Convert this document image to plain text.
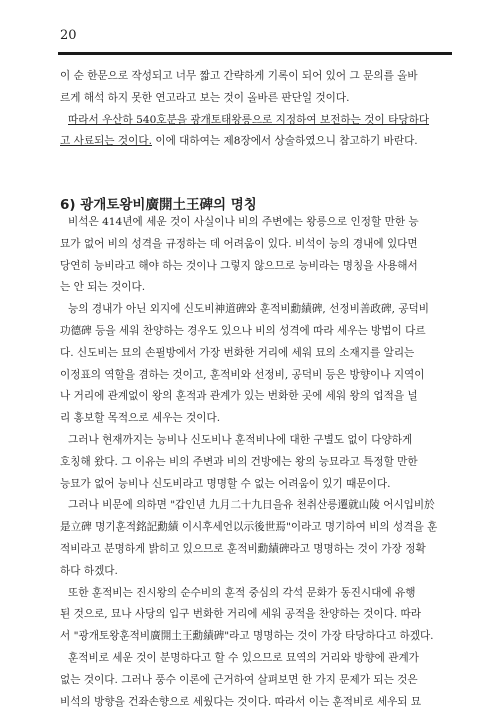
20
이 순 한문으로 작성되고 너무 짧고 간략하게 기록이 되어 있어 그 문의를 올바
르게 해석 하지 못한 연고라고 보는 것이 올바른 판단일 것이다.
따라서 우산하 540호분을 광개토태왕릉으로 지정하여 보전하는 것이 타당하다
고 사료되는 것이다. 이에 대하여는 제8장에서 상술하였으니 참고하기 바란다.
6) 광개토왕비廣開土王碑의 명칭
비석은 414년에 세운 것이 사실이나 비의 주변에는 왕릉으로 인정할 만한 능
묘가 없어 비의 성격을 규정하는 데 어려움이 있다. 비석이 능의 경내에 있다면
당연히 능비라고 해야 하는 것이나 그렇지 않으므로 능비라는 명칭을 사용해서
는 안 되는 것이다.
능의 경내가 아닌 외지에 신도비神道碑와 훈적비勳績碑, 선정비善政碑, 공덕비
功德碑 등을 세워 찬양하는 경우도 있으나 비의 성격에 따라 세우는 방법이 다르
다. 신도비는 묘의 손필방에서 가장 번화한 거리에 세워 묘의 소재지를 알리는
이정표의 역할을 겸하는 것이고, 훈적비와 선정비, 공덕비 등은 방향이나 지역이
나 거리에 관계없이 왕의 훈적과 관계가 있는 번화한 곳에 세워 왕의 업적을 널
리 홍보할 목적으로 세우는 것이다.
그러나 현재까지는 능비나 신도비나 훈적비나에 대한 구별도 없이 다양하게
호칭해 왔다. 그 이유는 비의 주변과 비의 건방에는 왕의 능묘라고 특정할 만한
능묘가 없어 능비나 신도비라고 명명할 수 없는 어려움이 있기 때문이다.
그러나 비문에 의하면 "갑인년 九月二十九日을유 천취산릉遷就山陵 어시입비於
是立碑 명기훈적銘記勳績 이시후세언以示後世焉"이라고 명기하여 비의 성격을 훈
적비라고 분명하게 밝히고 있으므로 훈적비勳績碑라고 명명하는 것이 가장 정확
하다 하겠다.
또한 훈적비는 진시왕의 순수비의 훈적 중심의 각석 문화가 동진시대에 유행
된 것으로, 묘나 사당의 입구 번화한 거리에 세워 공적을 찬양하는 것이다. 따라
서 "광개토왕훈적비廣開土王勳績碑"라고 명명하는 것이 가장 타당하다고 하겠다.
훈적비로 세운 것이 분명하다고 할 수 있으므로 묘역의 거리와 방향에 관계가
없는 것이다. 그러나 풍수 이론에 근거하여 살펴보면 한 가지 문제가 되는 것은
비석의 방향을 건좌손향으로 세웠다는 것이다. 따라서 이는 훈적비로 세우되 묘
